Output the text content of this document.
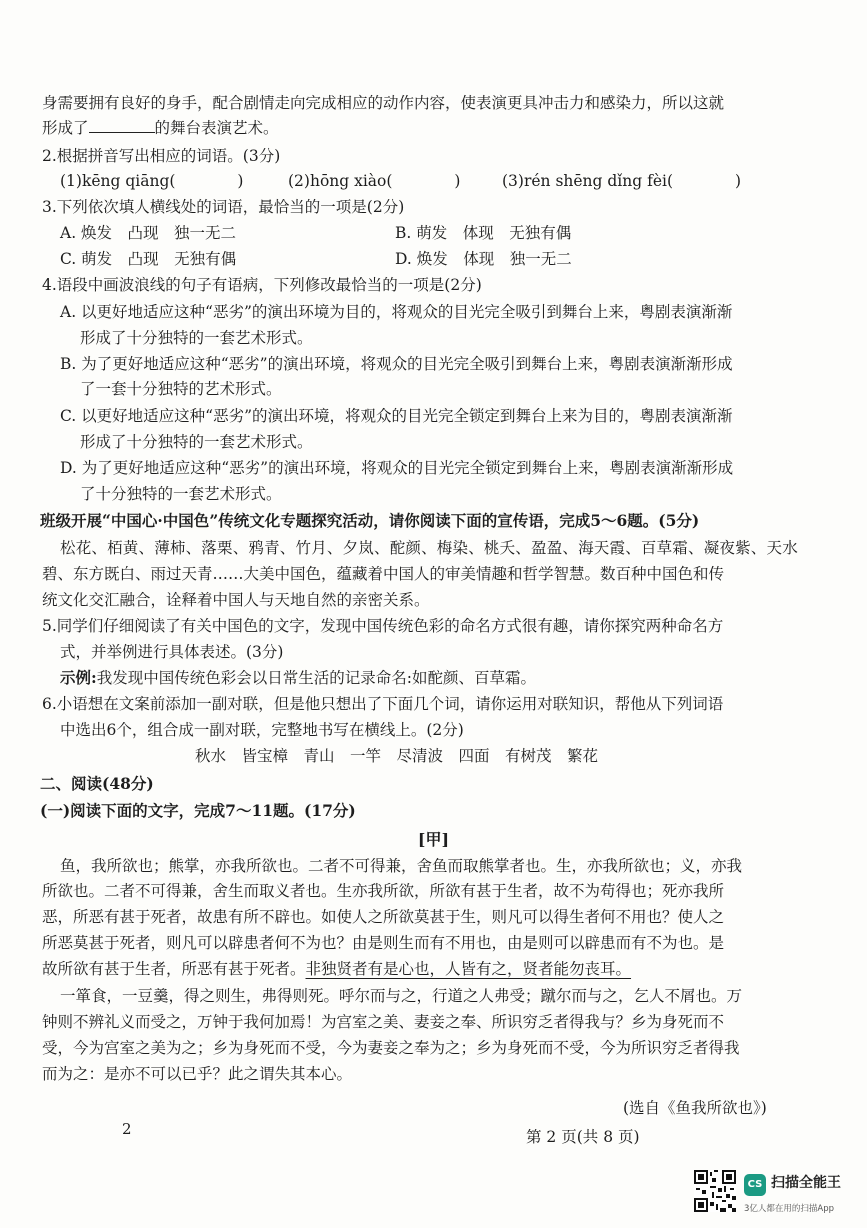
身需要拥有良好的身手，配合剧情走向完成相应的动作内容，使表演更具冲击力和感染力，所以这就
形成了	的舞台表演艺术。
2.根据拼音写出相应的词语。(3分)
(1)kēng qiāng(　　　　)	(2)hōng xiào(　　　　)	(3)rén shēng dǐng fèi(　　　　)
3.下列依次填人横线处的词语，最恰当的一项是(2分)
A. 焕发　凸现　独一无二	B. 萌发　体现　无独有偶
C. 萌发　凸现　无独有偶	D. 焕发　体现　独一无二
4.语段中画波浪线的句子有语病，下列修改最恰当的一项是(2分)
A. 以更好地适应这种“恶劣”的演出环境为目的，将观众的目光完全吸引到舞台上来，粤剧表演渐渐
形成了十分独特的一套艺术形式。
B. 为了更好地适应这种“恶劣”的演出环境，将观众的目光完全吸引到舞台上来，粤剧表演渐渐形成
了一套十分独特的艺术形式。
C. 以更好地适应这种“恶劣”的演出环境，将观众的目光完全锁定到舞台上来为目的，粤剧表演渐渐
形成了十分独特的一套艺术形式。
D. 为了更好地适应这种“恶劣”的演出环境，将观众的目光完全锁定到舞台上来，粤剧表演渐渐形成
了十分独特的一套艺术形式。
班级开展“中国心·中国色”传统文化专题探究活动，请你阅读下面的宣传语，完成5～6题。(5分)
松花、栢黄、薄柿、落栗、鸦青、竹月、夕岚、酡颜、梅染、桃夭、盈盈、海天霞、百草霜、凝夜紫、天水
碧、东方既白、雨过天青……大美中国色，蕴藏着中国人的审美情趣和哲学智慧。数百种中国色和传
统文化交汇融合，诠释着中国人与天地自然的亲密关系。
5.同学们仔细阅读了有关中国色的文字，发现中国传统色彩的命名方式很有趣，请你探究两种命名方
式，并举例进行具体表述。(3分)
示例:我发现中国传统色彩会以日常生活的记录命名:如酡颜、百草霜。
6.小语想在文案前添加一副对联，但是他只想出了下面几个词，请你运用对联知识，帮他从下列词语
中选出6个，组合成一副对联，完整地书写在横线上。(2分)
秋水　皆宝樟　青山　一竿　尽清波　四面　有树茂　繁花
二、阅读(48分)
(一)阅读下面的文字，完成7～11题。(17分)
[甲]
鱼，我所欲也；熊掌，亦我所欲也。二者不可得兼，舍鱼而取熊掌者也。生，亦我所欲也；义，亦我
所欲也。二者不可得兼，舍生而取义者也。生亦我所欲，所欲有甚于生者，故不为苟得也；死亦我所
恶，所恶有甚于死者，故患有所不辟也。如使人之所欲莫甚于生，则凡可以得生者何不用也？使人之
所恶莫甚于死者，则凡可以辟患者何不为也？由是则生而有不用也，由是则可以辟患而有不为也。是
故所欲有甚于生者，所恶有甚于死者。非独贤者有是心也，人皆有之，贤者能勿丧耳。
一箪食，一豆羹，得之则生，弗得则死。呼尔而与之，行道之人弗受；蹴尔而与之，乞人不屑也。万
钟则不辨礼义而受之，万钟于我何加焉！为宫室之美、妻妾之奉、所识穷乏者得我与？乡为身死而不
受，今为宫室之美为之；乡为身死而不受，今为妻妾之奉为之；乡为身死而不受，今为所识穷乏者得我
而为之：是亦不可以已乎？此之谓失其本心。
(选自《鱼我所欲也》)
2	第 2 页(共 8 页)
CS 扫描全能王
3亿人都在用的扫描App
